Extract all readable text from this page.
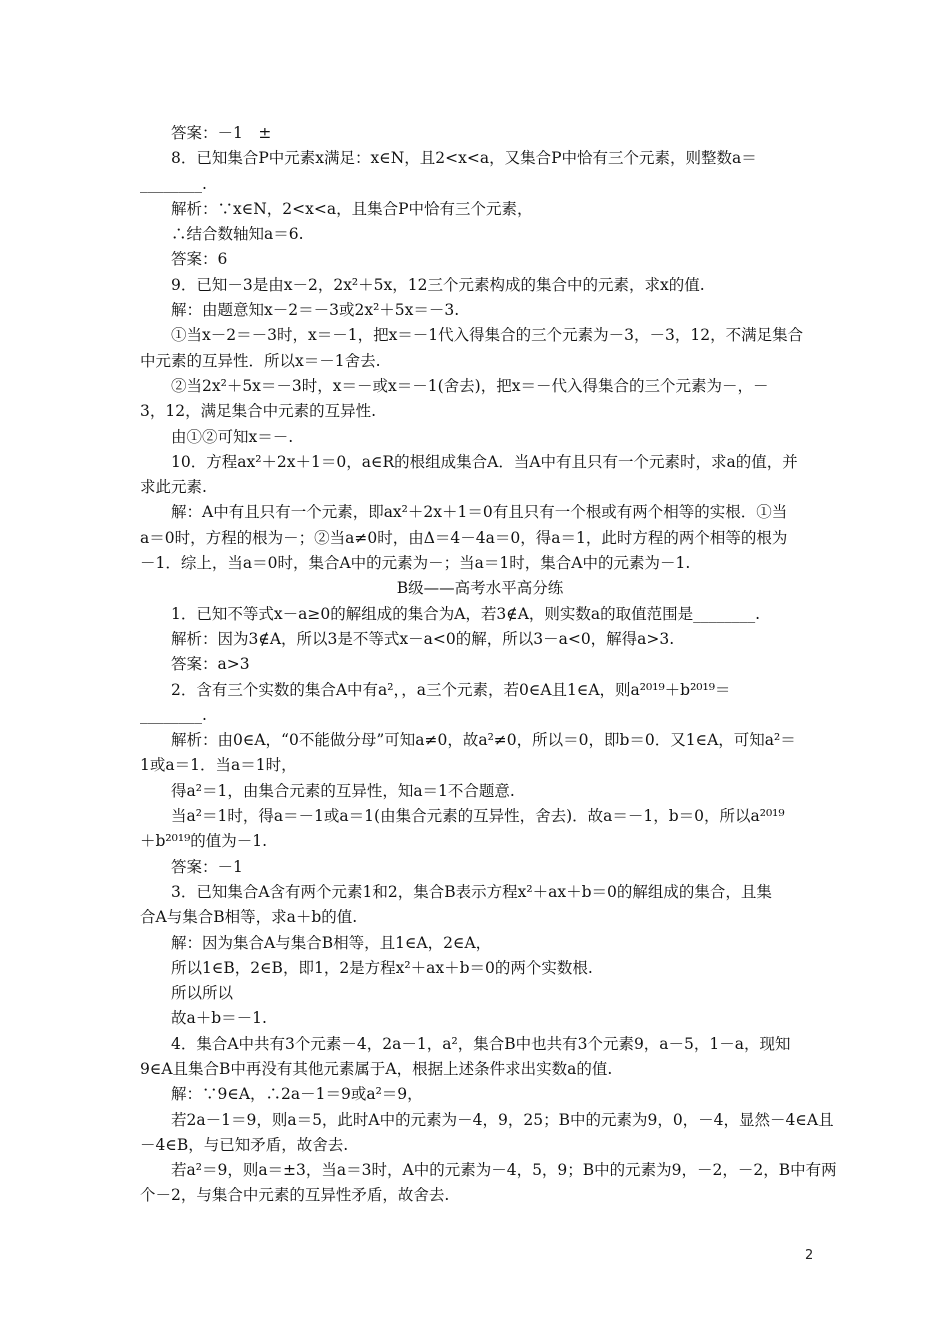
答案：－1　±
8．已知集合P中元素x满足：x∈N，且2<x<a，又集合P中恰有三个元素，则整数a＝
________.
解析：∵x∈N，2<x<a，且集合P中恰有三个元素，
∴结合数轴知a＝6.
答案：6
9．已知－3是由x－2，2x²＋5x，12三个元素构成的集合中的元素，求x的值.
解：由题意知x－2＝－3或2x²＋5x＝－3.
①当x－2＝－3时，x＝－1，把x＝－1代入得集合的三个元素为－3，－3，12，不满足集合
中元素的互异性．所以x＝－1舍去.
②当2x²＋5x＝－3时，x＝－或x＝－1(舍去)，把x＝－代入得集合的三个元素为－，－
3，12，满足集合中元素的互异性.
由①②可知x＝－.
10．方程ax²＋2x＋1＝0，a∈R的根组成集合A．当A中有且只有一个元素时，求a的值，并
求此元素.
解：A中有且只有一个元素，即ax²＋2x＋1＝0有且只有一个根或有两个相等的实根．①当
a＝0时，方程的根为－；②当a≠0时，由Δ＝4－4a＝0，得a＝1，此时方程的两个相等的根为
－1．综上，当a＝0时，集合A中的元素为－；当a＝1时，集合A中的元素为－1.
B级——高考水平高分练
1．已知不等式x－a≥0的解组成的集合为A，若3∉A，则实数a的取值范围是________.
解析：因为3∉A，所以3是不等式x－a<0的解，所以3－a<0，解得a>3.
答案：a>3
2．含有三个实数的集合A中有a²，，a三个元素，若0∈A且1∈A，则a²⁰¹⁹＋b²⁰¹⁹＝
________.
解析：由0∈A，“0不能做分母”可知a≠0，故a²≠0，所以＝0，即b＝0．又1∈A，可知a²＝
1或a＝1．当a＝1时，
得a²＝1，由集合元素的互异性，知a＝1不合题意.
当a²＝1时，得a＝－1或a＝1(由集合元素的互异性，舍去)．故a＝－1，b＝0，所以a²⁰¹⁹
＋b²⁰¹⁹的值为－1.
答案：－1
3．已知集合A含有两个元素1和2，集合B表示方程x²＋ax＋b＝0的解组成的集合，且集
合A与集合B相等，求a＋b的值.
解：因为集合A与集合B相等，且1∈A，2∈A，
所以1∈B，2∈B，即1，2是方程x²＋ax＋b＝0的两个实数根.
所以所以
故a＋b＝－1.
4．集合A中共有3个元素－4，2a－1，a²，集合B中也共有3个元素9，a－5，1－a，现知
9∈A且集合B中再没有其他元素属于A，根据上述条件求出实数a的值.
解：∵9∈A，∴2a－1＝9或a²＝9，
若2a－1＝9，则a＝5，此时A中的元素为－4，9，25；B中的元素为9，0，－4，显然－4∈A且
－4∈B，与已知矛盾，故舍去.
若a²＝9，则a＝±3，当a＝3时，A中的元素为－4，5，9；B中的元素为9，－2，－2，B中有两
个－2，与集合中元素的互异性矛盾，故舍去.
2
